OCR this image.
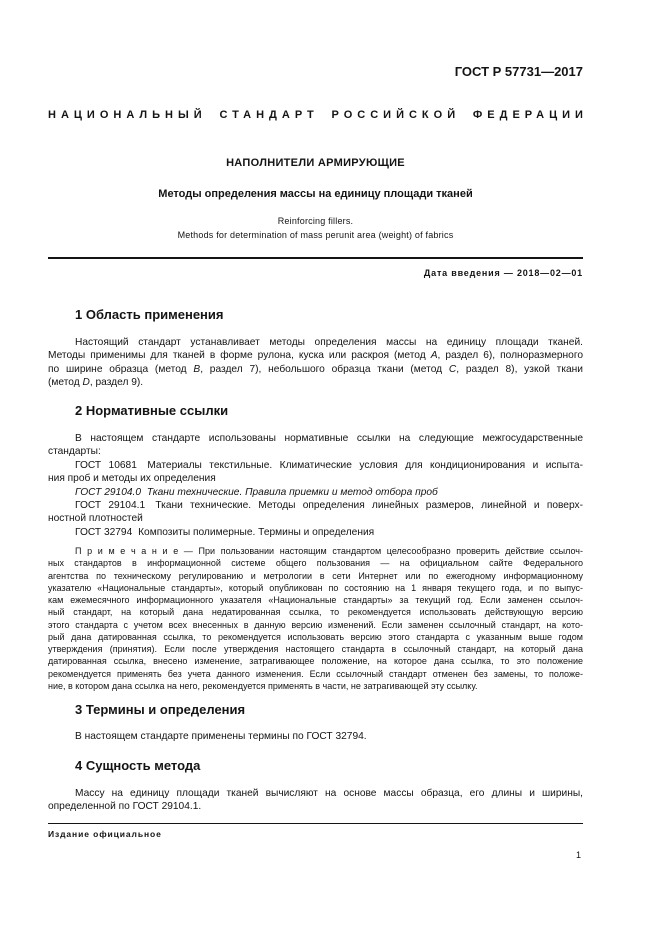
ГОСТ Р 57731—2017
НАЦИОНАЛЬНЫЙ СТАНДАРТ РОССИЙСКОЙ ФЕДЕРАЦИИ
НАПОЛНИТЕЛИ АРМИРУЮЩИЕ
Методы определения массы на единицу площади тканей
Reinforcing fillers.
Methods for determination of mass perunit area (weight) of fabrics
Дата введения — 2018—02—01
1 Область применения
Настоящий стандарт устанавливает методы определения массы на единицу площади тканей.
Методы применимы для тканей в форме рулона, куска или раскроя (метод A, раздел 6), полноразмерного
по ширине образца (метод B, раздел 7), небольшого образца ткани (метод C, раздел 8), узкой ткани
(метод D, раздел 9).
2 Нормативные ссылки
В настоящем стандарте использованы нормативные ссылки на следующие межгосударственные
стандарты:
ГОСТ 10681 Материалы текстильные. Климатические условия для кондиционирования и испыта-
ния проб и методы их определения
ГОСТ 29104.0 Ткани технические. Правила приемки и метод отбора проб
ГОСТ 29104.1 Ткани технические. Методы определения линейных размеров, линейной и поверх-
ностной плотностей
ГОСТ 32794 Композиты полимерные. Термины и определения
П р и м е ч а н и е — При пользовании настоящим стандартом целесообразно проверить действие ссылоч-
ных стандартов в информационной системе общего пользования — на официальном сайте Федерального
агентства по техническому регулированию и метрологии в сети Интернет или по ежегодному информационному
указателю «Национальные стандарты», который опубликован по состоянию на 1 января текущего года, и по выпус-
кам ежемесячного информационного указателя «Национальные стандарты» за текущий год. Если заменен ссылоч-
ный стандарт, на который дана недатированная ссылка, то рекомендуется использовать действующую версию
этого стандарта с учетом всех внесенных в данную версию изменений. Если заменен ссылочный стандарт, на кото-
рый дана датированная ссылка, то рекомендуется использовать версию этого стандарта с указанным выше годом
утверждения (принятия). Если после утверждения настоящего стандарта в ссылочный стандарт, на который дана
датированная ссылка, внесено изменение, затрагивающее положение, на которое дана ссылка, то это положение
рекомендуется применять без учета данного изменения. Если ссылочный стандарт отменен без замены, то положе-
ние, в котором дана ссылка на него, рекомендуется применять в части, не затрагивающей эту ссылку.
3 Термины и определения
В настоящем стандарте применены термины по ГОСТ 32794.
4 Сущность метода
Массу на единицу площади тканей вычисляют на основе массы образца, его длины и ширины,
определенной по ГОСТ 29104.1.
Издание официальное
1
